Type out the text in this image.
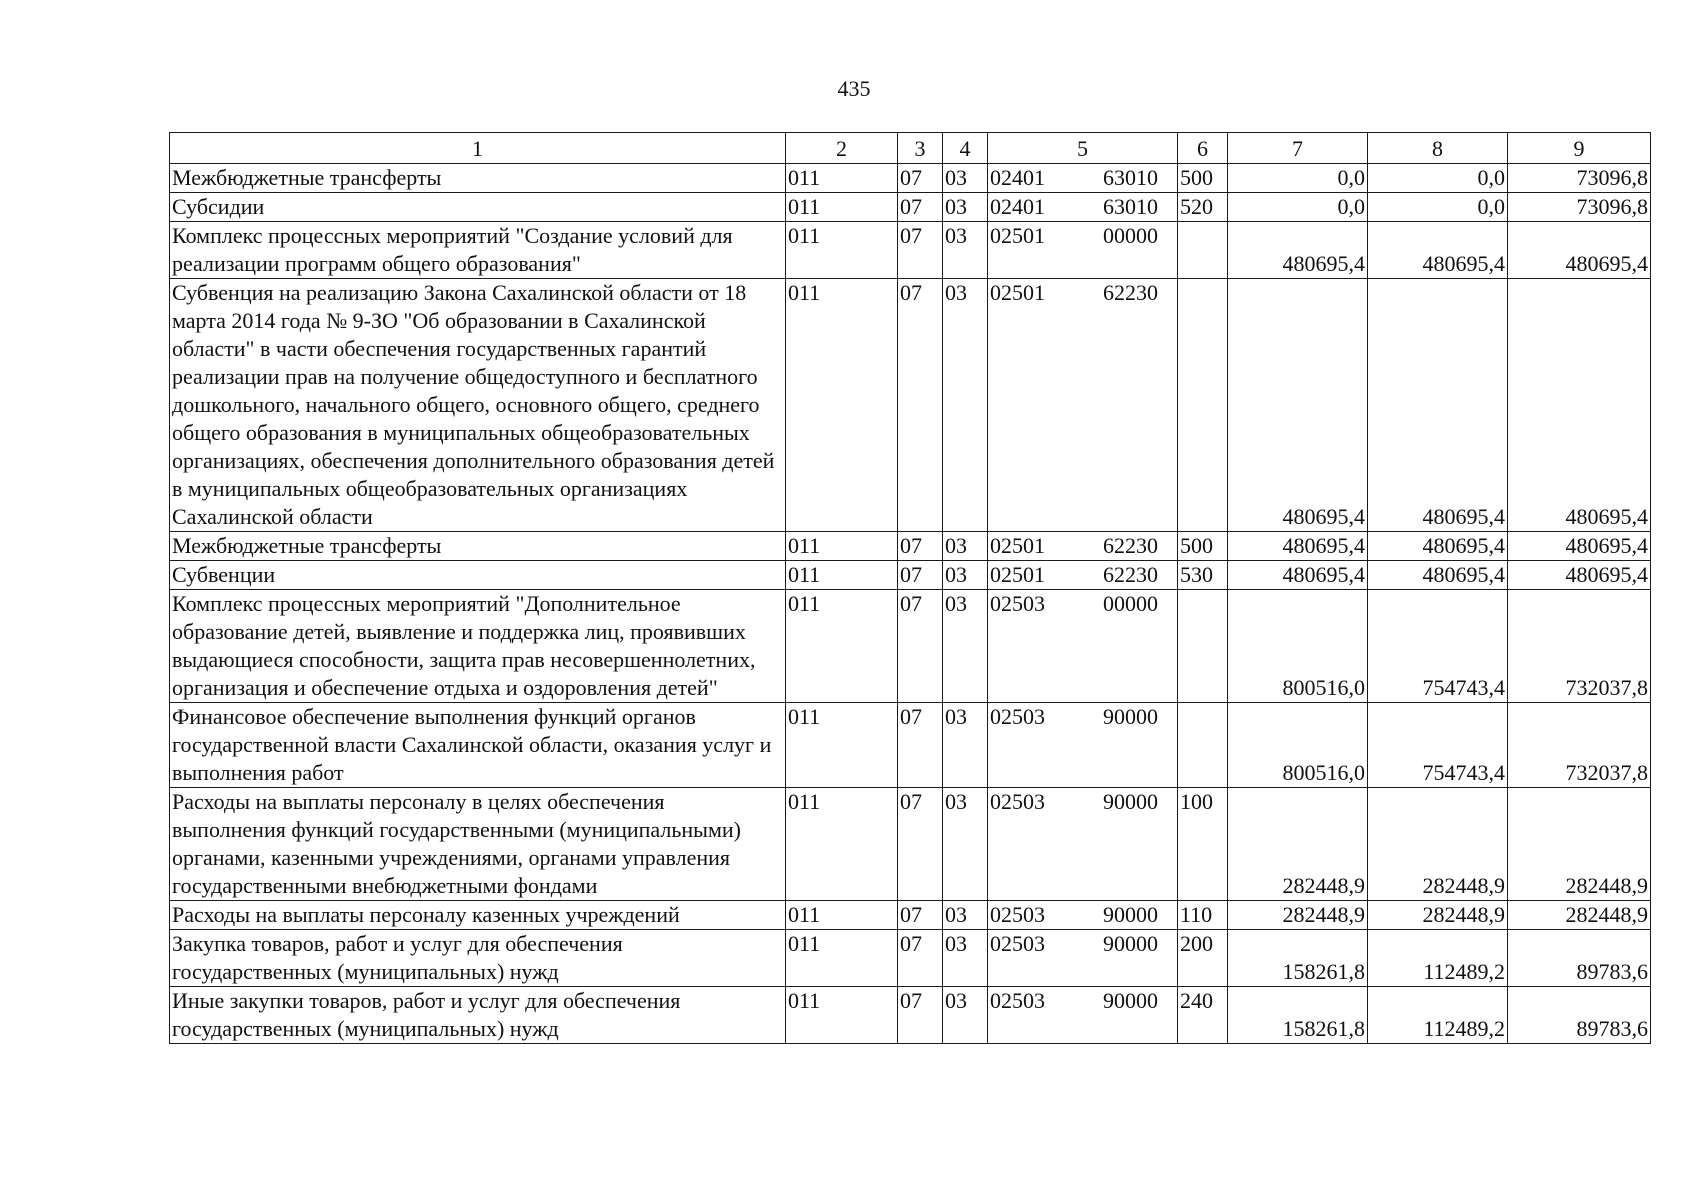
435
1	2	3	4	5	6	7	8	9
Межбюджетные трансферты	011	07	03	02401 63010	500	0,0	0,0	73096,8
Субсидии	011	07	03	02401 63010	520	0,0	0,0	73096,8
Комплекс процессных мероприятий "Создание условий для реализации программ общего образования"	011	07	03	02501 00000		480695,4	480695,4	480695,4
Субвенция на реализацию Закона Сахалинской области от 18 марта 2014 года № 9-ЗО "Об образовании в Сахалинской области" в части обеспечения государственных гарантий реализации прав на получение общедоступного и бесплатного дошкольного, начального общего, основного общего, среднего общего образования в муниципальных общеобразовательных организациях, обеспечения дополнительного образования детей в муниципальных общеобразовательных организациях Сахалинской области	011	07	03	02501 62230		480695,4	480695,4	480695,4
Межбюджетные трансферты	011	07	03	02501 62230	500	480695,4	480695,4	480695,4
Субвенции	011	07	03	02501 62230	530	480695,4	480695,4	480695,4
Комплекс процессных мероприятий "Дополнительное образование детей, выявление и поддержка лиц, проявивших выдающиеся способности, защита прав несовершеннолетних, организация и обеспечение отдыха и оздоровления детей"	011	07	03	02503 00000		800516,0	754743,4	732037,8
Финансовое обеспечение выполнения функций органов государственной власти Сахалинской области, оказания услуг и выполнения работ	011	07	03	02503 90000		800516,0	754743,4	732037,8
Расходы на выплаты персоналу в целях обеспечения выполнения функций государственными (муниципальными) органами, казенными учреждениями, органами управления государственными внебюджетными фондами	011	07	03	02503 90000	100	282448,9	282448,9	282448,9
Расходы на выплаты персоналу казенных учреждений	011	07	03	02503 90000	110	282448,9	282448,9	282448,9
Закупка товаров, работ и услуг для обеспечения государственных (муниципальных) нужд	011	07	03	02503 90000	200	158261,8	112489,2	89783,6
Иные закупки товаров, работ и услуг для обеспечения государственных (муниципальных) нужд	011	07	03	02503 90000	240	158261,8	112489,2	89783,6
